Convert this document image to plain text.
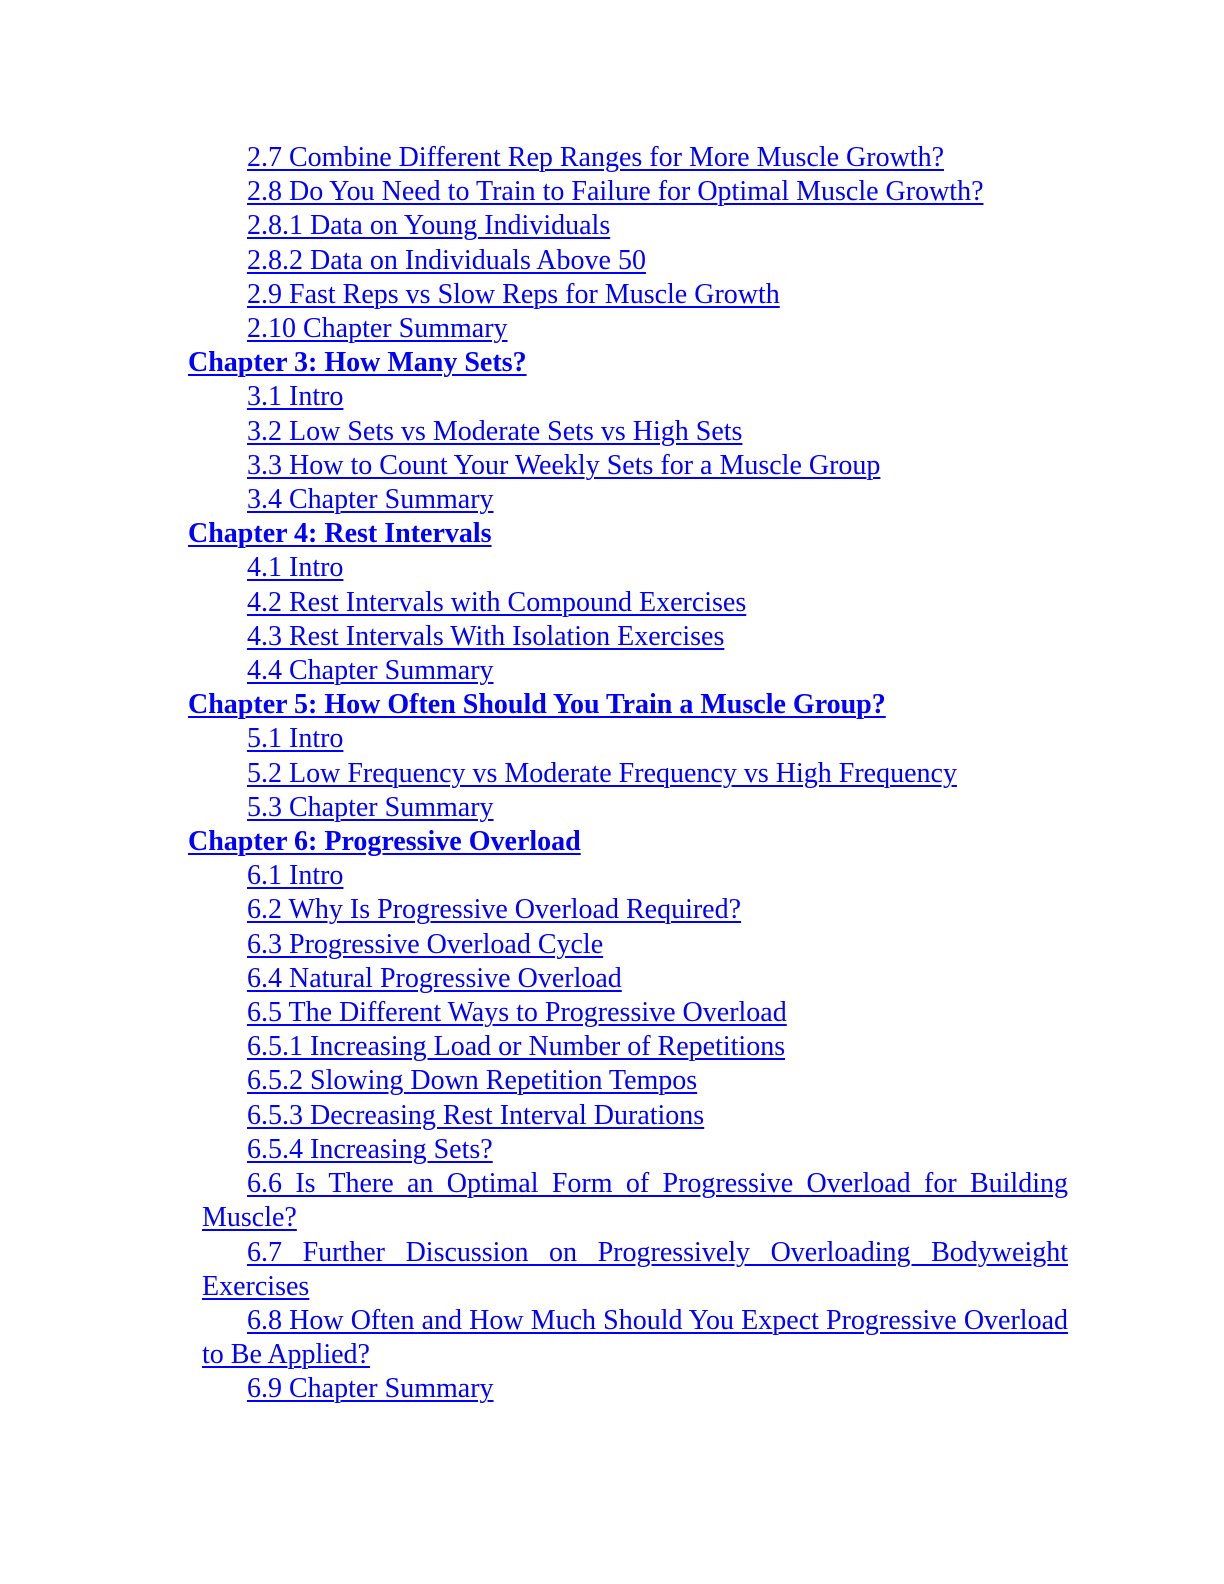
2.7 Combine Different Rep Ranges for More Muscle Growth?
2.8 Do You Need to Train to Failure for Optimal Muscle Growth?
2.8.1 Data on Young Individuals
2.8.2 Data on Individuals Above 50
2.9 Fast Reps vs Slow Reps for Muscle Growth
2.10 Chapter Summary
Chapter 3: How Many Sets?
3.1 Intro
3.2 Low Sets vs Moderate Sets vs High Sets
3.3 How to Count Your Weekly Sets for a Muscle Group
3.4 Chapter Summary
Chapter 4: Rest Intervals
4.1 Intro
4.2 Rest Intervals with Compound Exercises
4.3 Rest Intervals With Isolation Exercises
4.4 Chapter Summary
Chapter 5: How Often Should You Train a Muscle Group?
5.1 Intro
5.2 Low Frequency vs Moderate Frequency vs High Frequency
5.3 Chapter Summary
Chapter 6: Progressive Overload
6.1 Intro
6.2 Why Is Progressive Overload Required?
6.3 Progressive Overload Cycle
6.4 Natural Progressive Overload
6.5 The Different Ways to Progressive Overload
6.5.1 Increasing Load or Number of Repetitions
6.5.2 Slowing Down Repetition Tempos
6.5.3 Decreasing Rest Interval Durations
6.5.4 Increasing Sets?
6.6 Is There an Optimal Form of Progressive Overload for Building Muscle?
6.7 Further Discussion on Progressively Overloading Bodyweight Exercises
6.8 How Often and How Much Should You Expect Progressive Overload to Be Applied?
6.9 Chapter Summary
